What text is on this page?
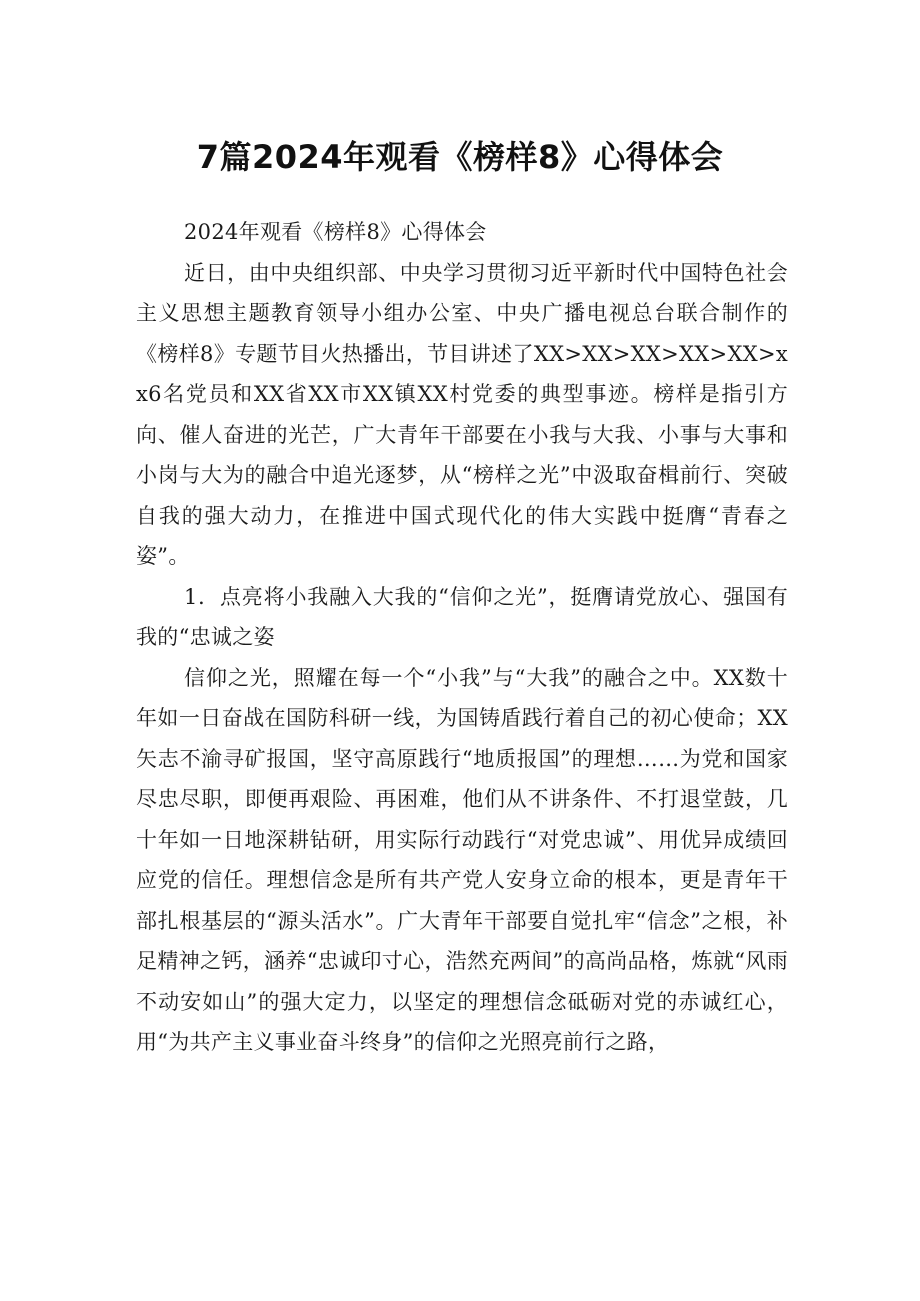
7篇2024年观看《榜样8》心得体会

2024年观看《榜样8》心得体会

近日，由中央组织部、中央学习贯彻习近平新时代中国特色社会主义思想主题教育领导小组办公室、中央广播电视总台联合制作的《榜样8》专题节目火热播出，节目讲述了XX>XX>XX>XX>XX>xx6名党员和XX省XX市XX镇XX村党委的典型事迹。榜样是指引方向、催人奋进的光芒，广大青年干部要在小我与大我、小事与大事和小岗与大为的融合中追光逐梦，从“榜样之光”中汲取奋楫前行、突破自我的强大动力，在推进中国式现代化的伟大实践中挺膺“青春之姿”。

1．点亮将小我融入大我的“信仰之光”，挺膺请党放心、强国有我的“忠诚之姿

信仰之光，照耀在每一个“小我”与“大我”的融合之中。XX数十年如一日奋战在国防科研一线，为国铸盾践行着自己的初心使命；XX矢志不渝寻矿报国，坚守高原践行“地质报国”的理想……为党和国家尽忠尽职，即便再艰险、再困难，他们从不讲条件、不打退堂鼓，几十年如一日地深耕钻研，用实际行动践行“对党忠诚”、用优异成绩回应党的信任。理想信念是所有共产党人安身立命的根本，更是青年干部扎根基层的“源头活水”。广大青年干部要自觉扎牢“信念”之根，补足精神之钙，涵养“忠诚印寸心，浩然充两间”的高尚品格，炼就“风雨不动安如山”的强大定力，以坚定的理想信念砥砺对党的赤诚红心，用“为共产主义事业奋斗终身”的信仰之光照亮前行之路，
